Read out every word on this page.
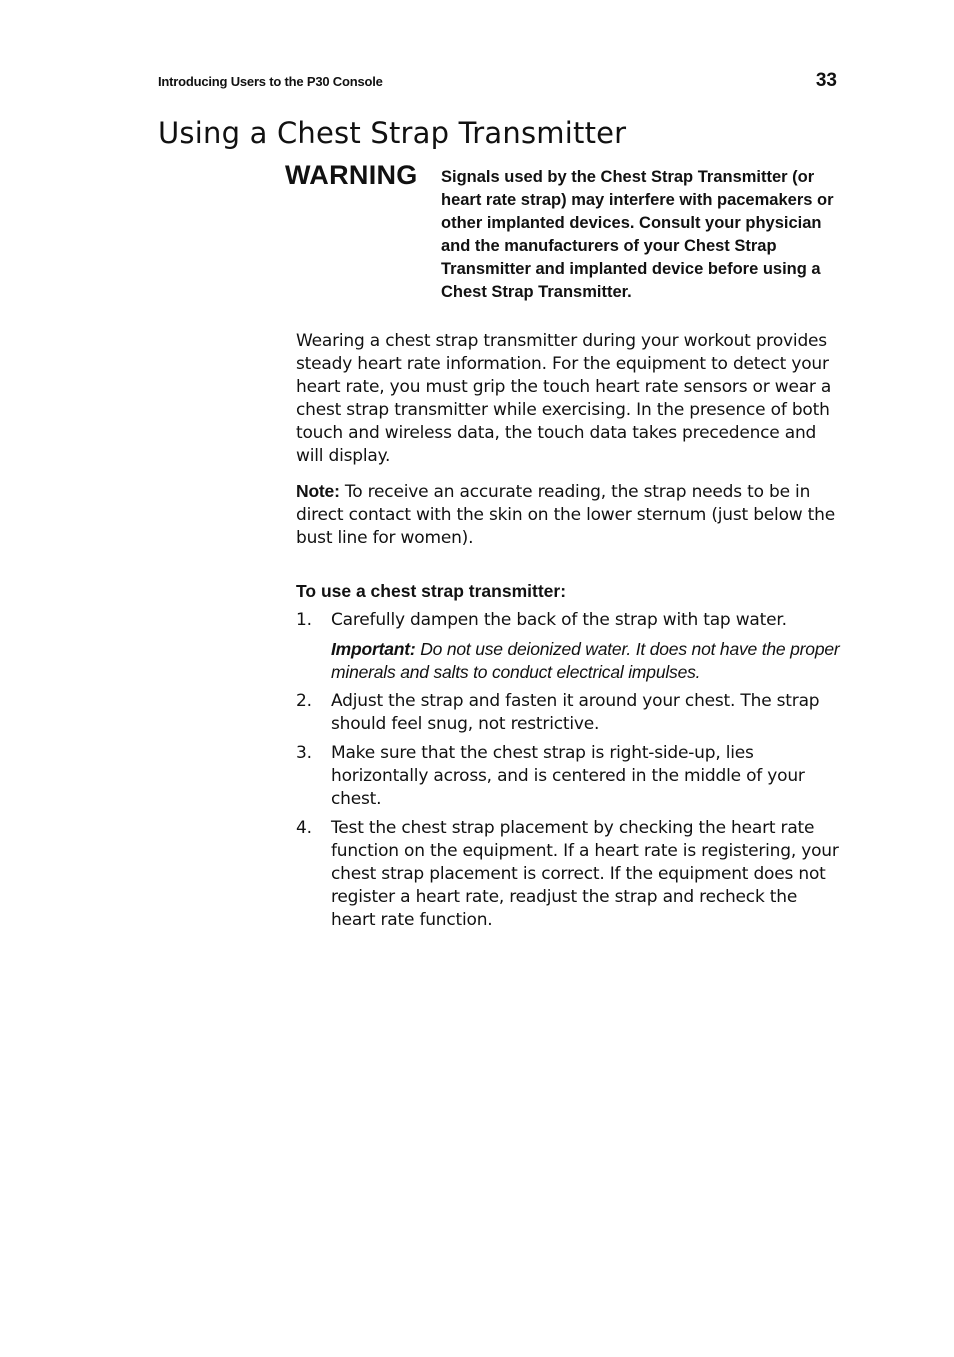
Introducing Users to the P30 Console	33
Using a Chest Strap Transmitter
WARNING Signals used by the Chest Strap Transmitter (or heart rate strap) may interfere with pacemakers or other implanted devices. Consult your physician and the manufacturers of your Chest Strap Transmitter and implanted device before using a Chest Strap Transmitter.

Wearing a chest strap transmitter during your workout provides steady heart rate information. For the equipment to detect your heart rate, you must grip the touch heart rate sensors or wear a chest strap transmitter while exercising. In the presence of both touch and wireless data, the touch data takes precedence and will display.

Note: To receive an accurate reading, the strap needs to be in direct contact with the skin on the lower sternum (just below the bust line for women).

To use a chest strap transmitter:

1. Carefully dampen the back of the strap with tap water.

Important: Do not use deionized water. It does not have the proper minerals and salts to conduct electrical impulses.

2. Adjust the strap and fasten it around your chest. The strap should feel snug, not restrictive.
3. Make sure that the chest strap is right-side-up, lies horizontally across, and is centered in the middle of your chest.
4. Test the chest strap placement by checking the heart rate function on the equipment. If a heart rate is registering, your chest strap placement is correct. If the equipment does not register a heart rate, readjust the strap and recheck the heart rate function.
